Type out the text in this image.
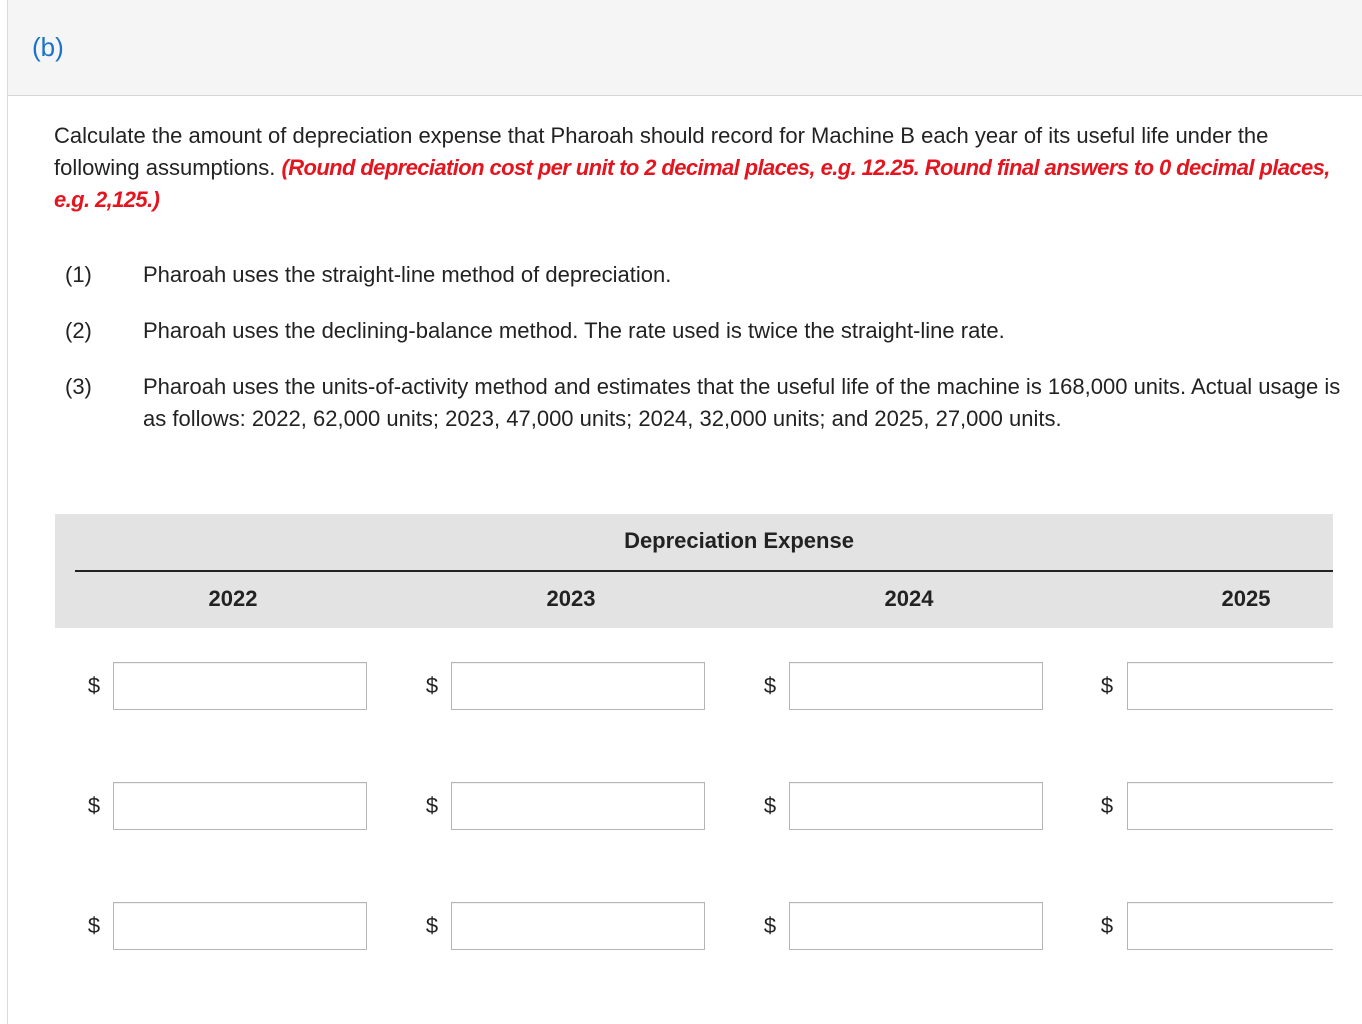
(b)
Calculate the amount of depreciation expense that Pharoah should record for Machine B each year of its useful life under the following assumptions. (Round depreciation cost per unit to 2 decimal places, e.g. 12.25. Round final answers to 0 decimal places, e.g. 2,125.)
(1) Pharoah uses the straight-line method of depreciation.
(2) Pharoah uses the declining-balance method. The rate used is twice the straight-line rate.
(3) Pharoah uses the units-of-activity method and estimates that the useful life of the machine is 168,000 units. Actual usage is as follows: 2022, 62,000 units; 2023, 47,000 units; 2024, 32,000 units; and 2025, 27,000 units.
Depreciation Expense
2022	2023	2024	2025
$	$	$	$
$	$	$	$
$	$	$	$
